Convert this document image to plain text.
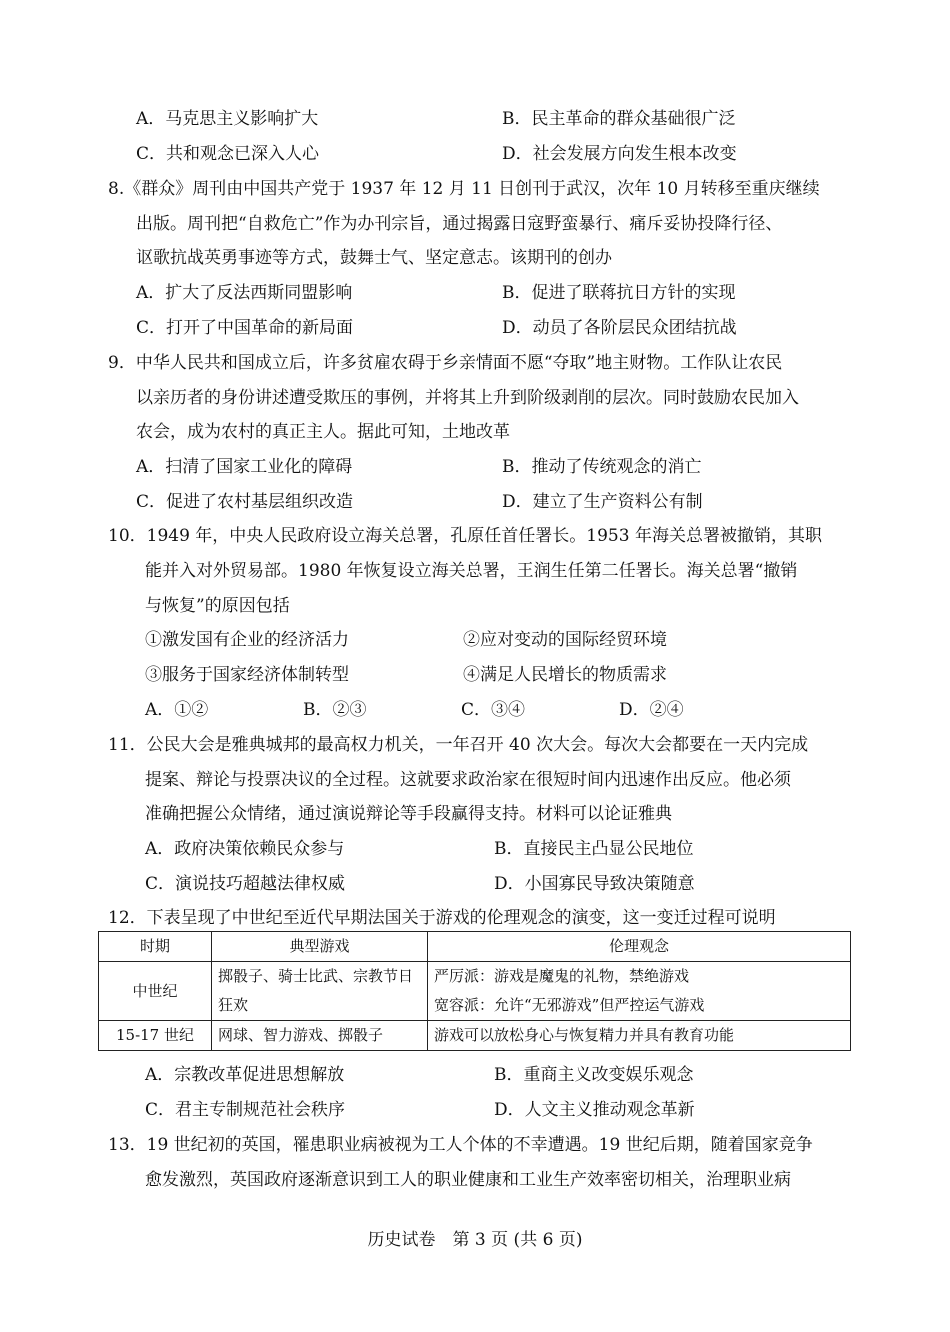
A．马克思主义影响扩大	B．民主革命的群众基础很广泛
C．共和观念已深入人心	D．社会发展方向发生根本改变
8.《群众》周刊由中国共产党于 1937 年 12 月 11 日创刊于武汉，次年 10 月转移至重庆继续
出版。周刊把“自救危亡”作为办刊宗旨，通过揭露日寇野蛮暴行、痛斥妥协投降行径、
讴歌抗战英勇事迹等方式，鼓舞士气、坚定意志。该期刊的创办
A．扩大了反法西斯同盟影响	B．促进了联蒋抗日方针的实现
C．打开了中国革命的新局面	D．动员了各阶层民众团结抗战
9．中华人民共和国成立后，许多贫雇农碍于乡亲情面不愿“夺取”地主财物。工作队让农民
以亲历者的身份讲述遭受欺压的事例，并将其上升到阶级剥削的层次。同时鼓励农民加入
农会，成为农村的真正主人。据此可知，土地改革
A．扫清了国家工业化的障碍	B．推动了传统观念的消亡
C．促进了农村基层组织改造	D．建立了生产资料公有制
10．1949 年，中央人民政府设立海关总署，孔原任首任署长。1953 年海关总署被撤销，其职
能并入对外贸易部。1980 年恢复设立海关总署，王润生任第二任署长。海关总署“撤销
与恢复”的原因包括
①激发国有企业的经济活力	②应对变动的国际经贸环境
③服务于国家经济体制转型	④满足人民增长的物质需求
A．①②	B．②③	C．③④	D．②④
11．公民大会是雅典城邦的最高权力机关，一年召开 40 次大会。每次大会都要在一天内完成
提案、辩论与投票决议的全过程。这就要求政治家在很短时间内迅速作出反应。他必须
准确把握公众情绪，通过演说辩论等手段赢得支持。材料可以论证雅典
A．政府决策依赖民众参与	B．直接民主凸显公民地位
C．演说技巧超越法律权威	D．小国寡民导致决策随意
12．下表呈现了中世纪至近代早期法国关于游戏的伦理观念的演变，这一变迁过程可说明
时期	典型游戏	伦理观念
中世纪	掷骰子、骑士比武、宗教节日狂欢	严厉派：游戏是魔鬼的礼物，禁绝游戏
宽容派：允许“无邪游戏”但严控运气游戏

15-17 世纪	网球、智力游戏、掷骰子	游戏可以放松身心与恢复精力并具有教育功能
A．宗教改革促进思想解放	B．重商主义改变娱乐观念
C．君主专制规范社会秩序	D．人文主义推动观念革新
13．19 世纪初的英国，罹患职业病被视为工人个体的不幸遭遇。19 世纪后期，随着国家竞争
愈发激烈，英国政府逐渐意识到工人的职业健康和工业生产效率密切相关，治理职业病
历史试卷　第 3 页 (共 6 页)
